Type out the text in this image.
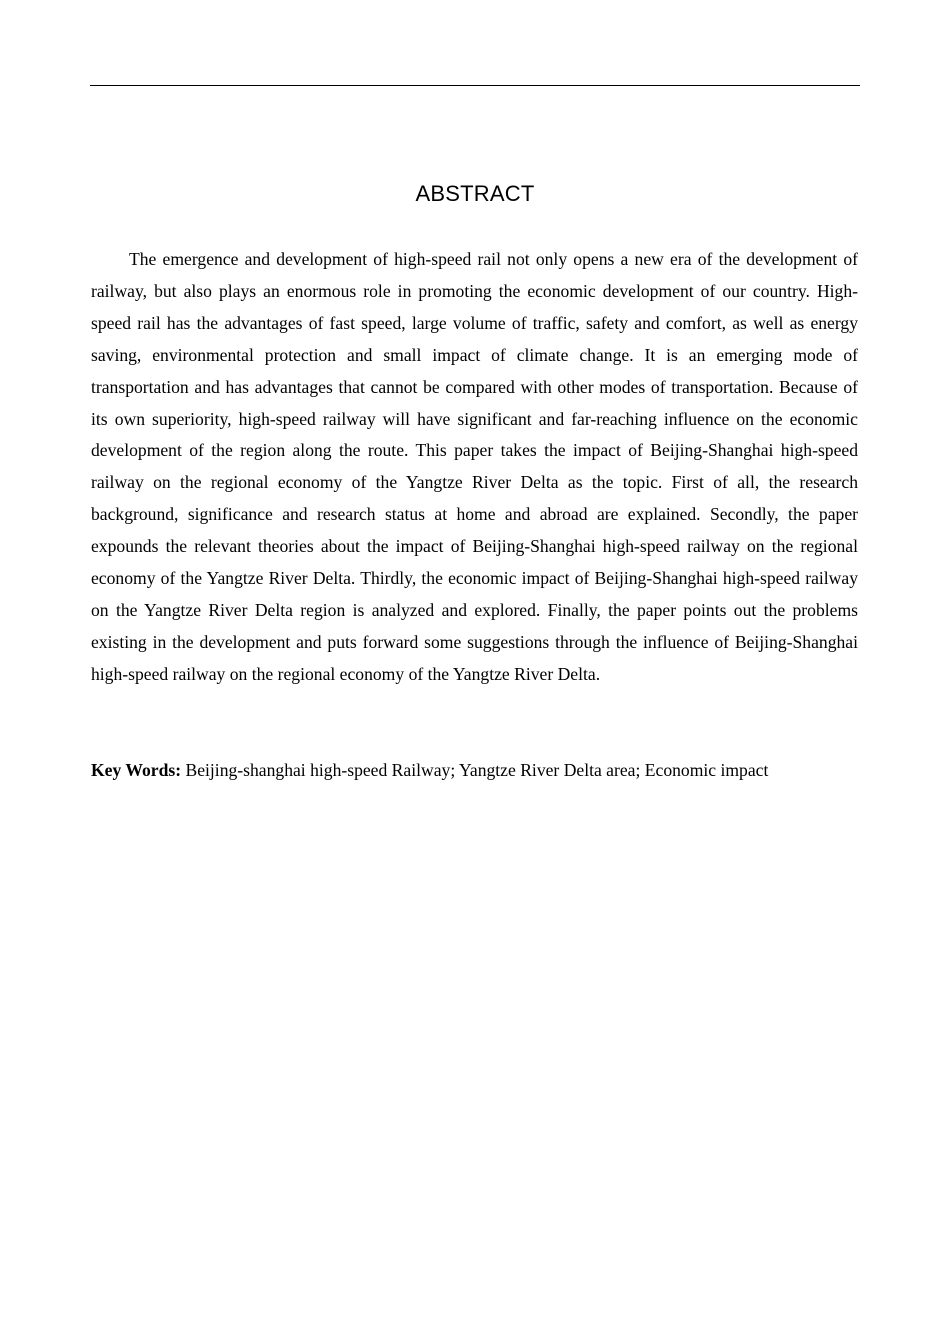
ABSTRACT

The emergence and development of high-speed rail not only opens a new era of the development of railway, but also plays an enormous role in promoting the economic development of our country. High-speed rail has the advantages of fast speed, large volume of traffic, safety and comfort, as well as energy saving, environmental protection and small impact of climate change. It is an emerging mode of transportation and has advantages that cannot be compared with other modes of transportation. Because of its own superiority, high-speed railway will have significant and far-reaching influence on the economic development of the region along the route. This paper takes the impact of Beijing-Shanghai high-speed railway on the regional economy of the Yangtze River Delta as the topic. First of all, the research background, significance and research status at home and abroad are explained. Secondly, the paper expounds the relevant theories about the impact of Beijing-Shanghai high-speed railway on the regional economy of the Yangtze River Delta. Thirdly, the economic impact of Beijing-Shanghai high-speed railway on the Yangtze River Delta region is analyzed and explored. Finally, the paper points out the problems existing in the development and puts forward some suggestions through the influence of Beijing-Shanghai high-speed railway on the regional economy of the Yangtze River Delta.

Key Words: Beijing-shanghai high-speed Railway; Yangtze River Delta area; Economic impact
